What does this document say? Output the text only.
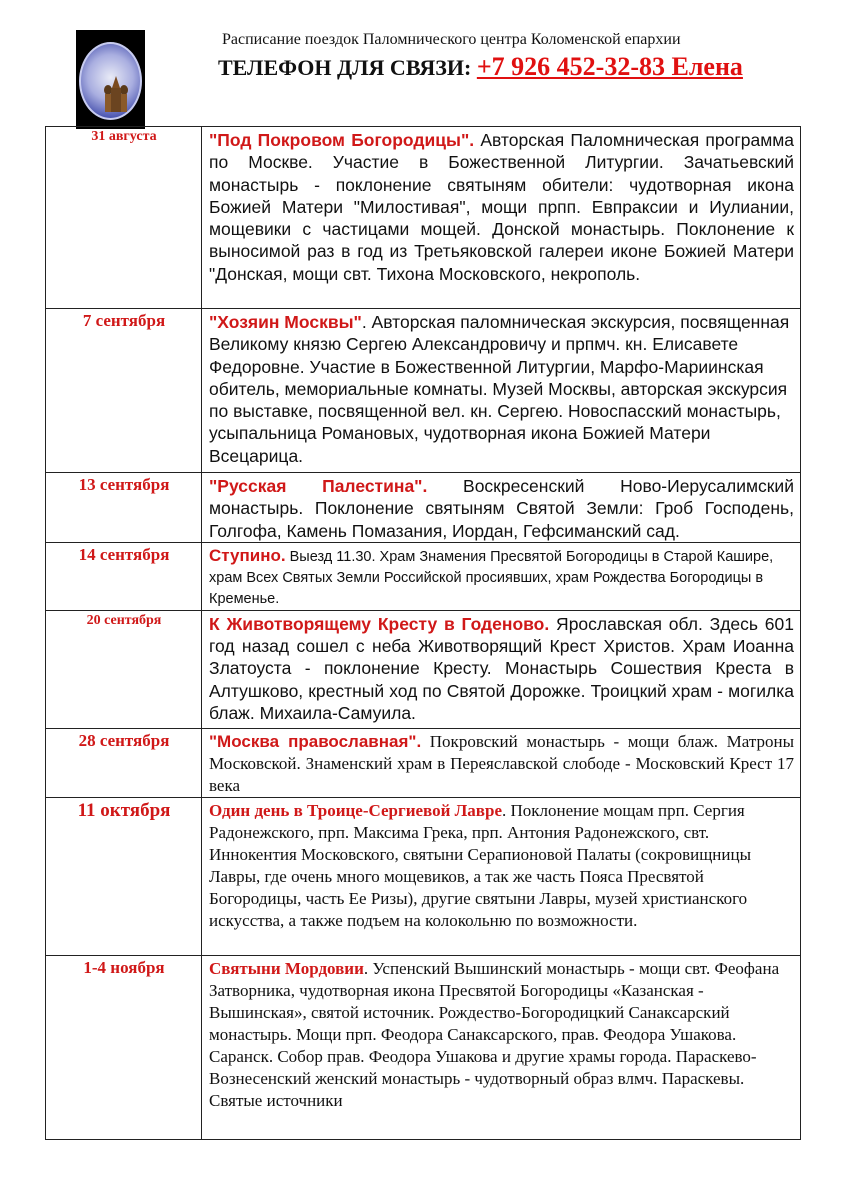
Расписание поездок Паломнического центра Коломенской епархии
ТЕЛЕФОН ДЛЯ СВЯЗИ: +7 926 452-32-83 Елена
31 августа	"Под Покровом Богородицы". Авторская Паломническая программа по Москве. Участие в Божественной Литургии. Зачатьевский монастырь - поклонение святыням обители: чудотворная икона Божией Матери "Милостивая", мощи прпп. Евпраксии и Иулиании, мощевики с частицами мощей. Донской монастырь. Поклонение к выносимой раз в год из Третьяковской галереи иконе Божией Матери "Донская, мощи свт. Тихона Московского, некрополь.
7 сентября	"Хозяин Москвы". Авторская паломническая экскурсия, посвященная Великому князю Сергею Александровичу и прпмч. кн. Елисавете Федоровне. Участие в Божественной Литургии, Марфо-Мариинская обитель, мемориальные комнаты. Музей Москвы, авторская экскурсия по выставке, посвященной вел. кн. Сергею. Новоспасский монастырь, усыпальница Романовых, чудотворная икона Божией Матери Всецарица.
13 сентября	"Русская Палестина". Воскресенский Ново-Иерусалимский монастырь. Поклонение святыням Святой Земли: Гроб Господень, Голгофа, Камень Помазания, Иордан, Гефсиманский сад.
14 сентября	Ступино. Выезд 11.30. Храм Знамения Пресвятой Богородицы в Старой Кашире, храм Всех Святых Земли Российской просиявших, храм Рождества Богородицы в Кременье.
20 сентября	К Животворящему Кресту в Годеново. Ярославская обл. Здесь 601 год назад сошел с неба Животворящий Крест Христов. Храм Иоанна Златоуста - поклонение Кресту. Монастырь Сошествия Креста в Алтушково, крестный ход по Святой Дорожке. Троицкий храм - могилка блаж. Михаила-Самуила.
28 сентября	"Москва православная". Покровский монастырь - мощи блаж. Матроны Московской. Знаменский храм в Переяславской слободе - Московский Крест 17 века
11 октября	Один день в Троице-Сергиевой Лавре. Поклонение мощам прп. Сергия Радонежского, прп. Максима Грека, прп. Антония Радонежского, свт. Иннокентия Московского, святыни Серапионовой Палаты (сокровищницы Лавры, где очень много мощевиков, а так же часть Пояса Пресвятой Богородицы, часть Ее Ризы), другие святыни Лавры, музей христианского искусства, а также подъем на колокольню по возможности.
1-4 ноября	Святыни Мордовии. Успенский Вышинский монастырь - мощи свт. Феофана Затворника, чудотворная икона Пресвятой Богородицы «Казанская - Вышинская», святой источник. Рождество-Богородицкий Санаксарский монастырь. Мощи прп. Феодора Санаксарского, прав. Феодора Ушакова. Саранск. Собор прав. Феодора Ушакова и другие храмы города. Параскево-Вознесенский женский монастырь - чудотворный образ влмч. Параскевы. Святые источники
